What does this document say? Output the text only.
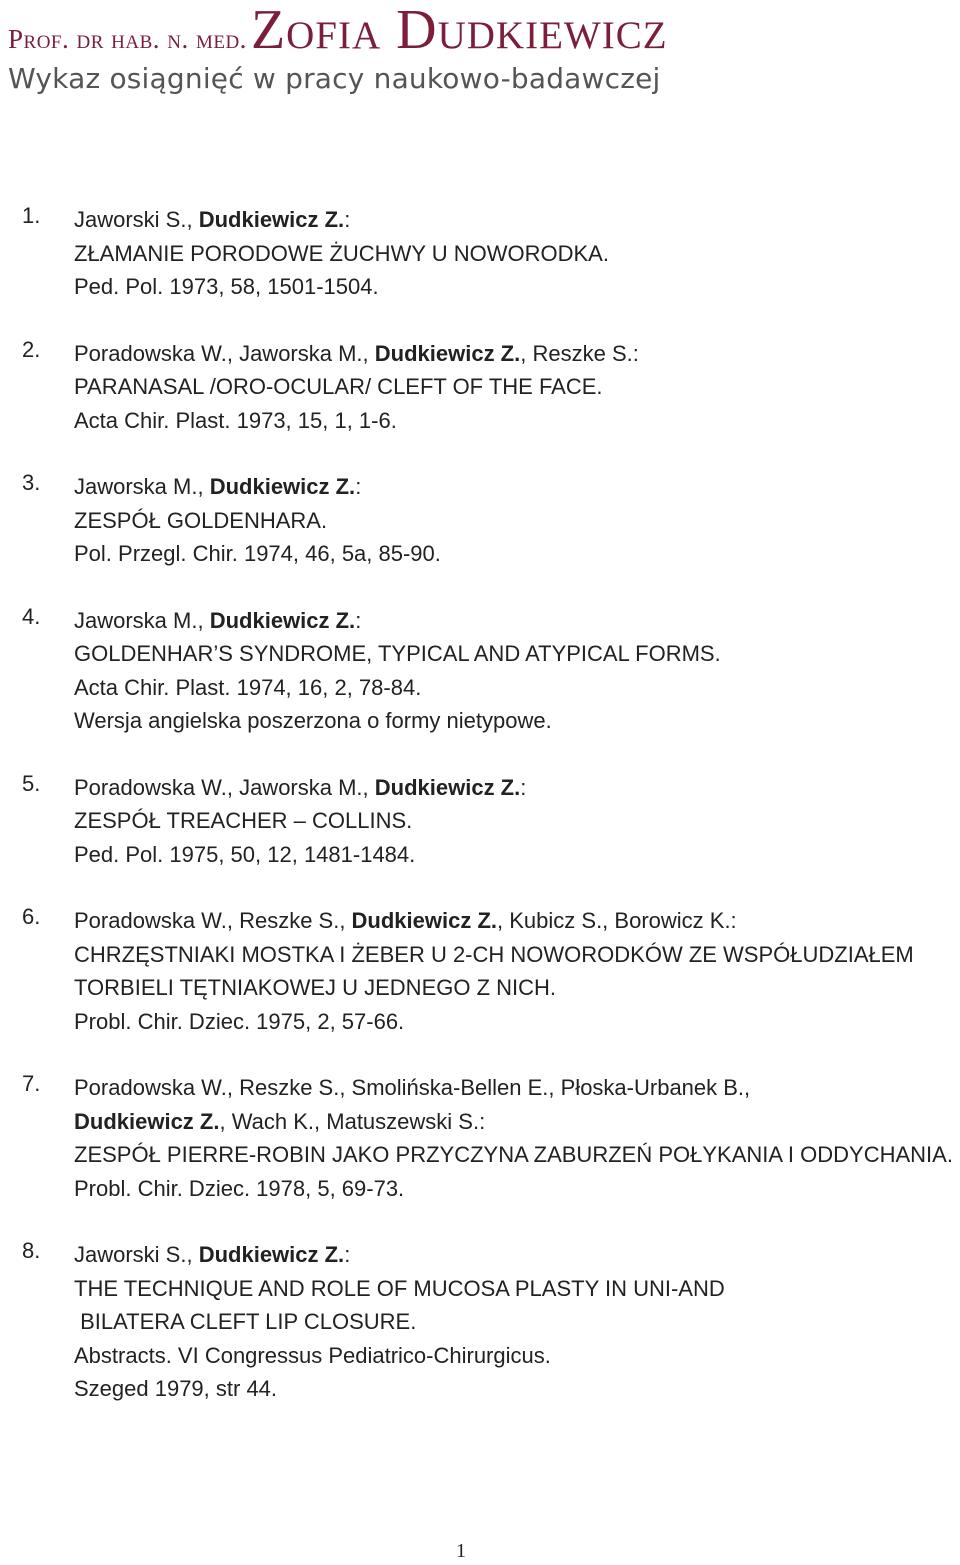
Prof. dr hab. n. med. Zofia Dudkiewicz
Wykaz osiągnięć w pracy naukowo-badawczej
1.	Jaworski S., Dudkiewicz Z.:
ZŁAMANIE PORODOWE ŻUCHWY U NOWORODKA.
Ped. Pol. 1973, 58, 1501-1504.
2.	Poradowska W., Jaworska M., Dudkiewicz Z., Reszke S.:
PARANASAL /ORO-OCULAR/ CLEFT OF THE FACE.
Acta Chir. Plast. 1973, 15, 1, 1-6.
3.	Jaworska M., Dudkiewicz Z.:
ZESPÓŁ GOLDENHARA.
Pol. Przegl. Chir. 1974, 46, 5a, 85-90.
4.	Jaworska M., Dudkiewicz Z.:
GOLDENHAR’S SYNDROME, TYPICAL AND ATYPICAL FORMS.
Acta Chir. Plast. 1974, 16, 2, 78-84.
Wersja angielska poszerzona o formy nietypowe.
5.	Poradowska W., Jaworska M., Dudkiewicz Z.:
ZESPÓŁ TREACHER – COLLINS.
Ped. Pol. 1975, 50, 12, 1481-1484.
6.	Poradowska W., Reszke S., Dudkiewicz Z., Kubicz S., Borowicz K.:
CHRZĘSTNIAKI MOSTKA I ŻEBER U 2-CH NOWORODKÓW ZE WSPÓŁUDZIAŁEM
TORBIELI TĘTNIAKOWEJ U JEDNEGO Z NICH.
Probl. Chir. Dziec. 1975, 2, 57-66.
7.	Poradowska W., Reszke S., Smolińska-Bellen E., Płoska-Urbanek B.,
Dudkiewicz Z., Wach K., Matuszewski S.:
ZESPÓŁ PIERRE-ROBIN JAKO PRZYCZYNA ZABURZEŃ POŁYKANIA I ODDYCHANIA.
Probl. Chir. Dziec. 1978, 5, 69-73.
8.	Jaworski S., Dudkiewicz Z.:
THE TECHNIQUE AND ROLE OF MUCOSA PLASTY IN UNI-AND
BILATERA CLEFT LIP CLOSURE.
Abstracts. VI Congressus Pediatrico-Chirurgicus.
Szeged 1979, str 44.
1
